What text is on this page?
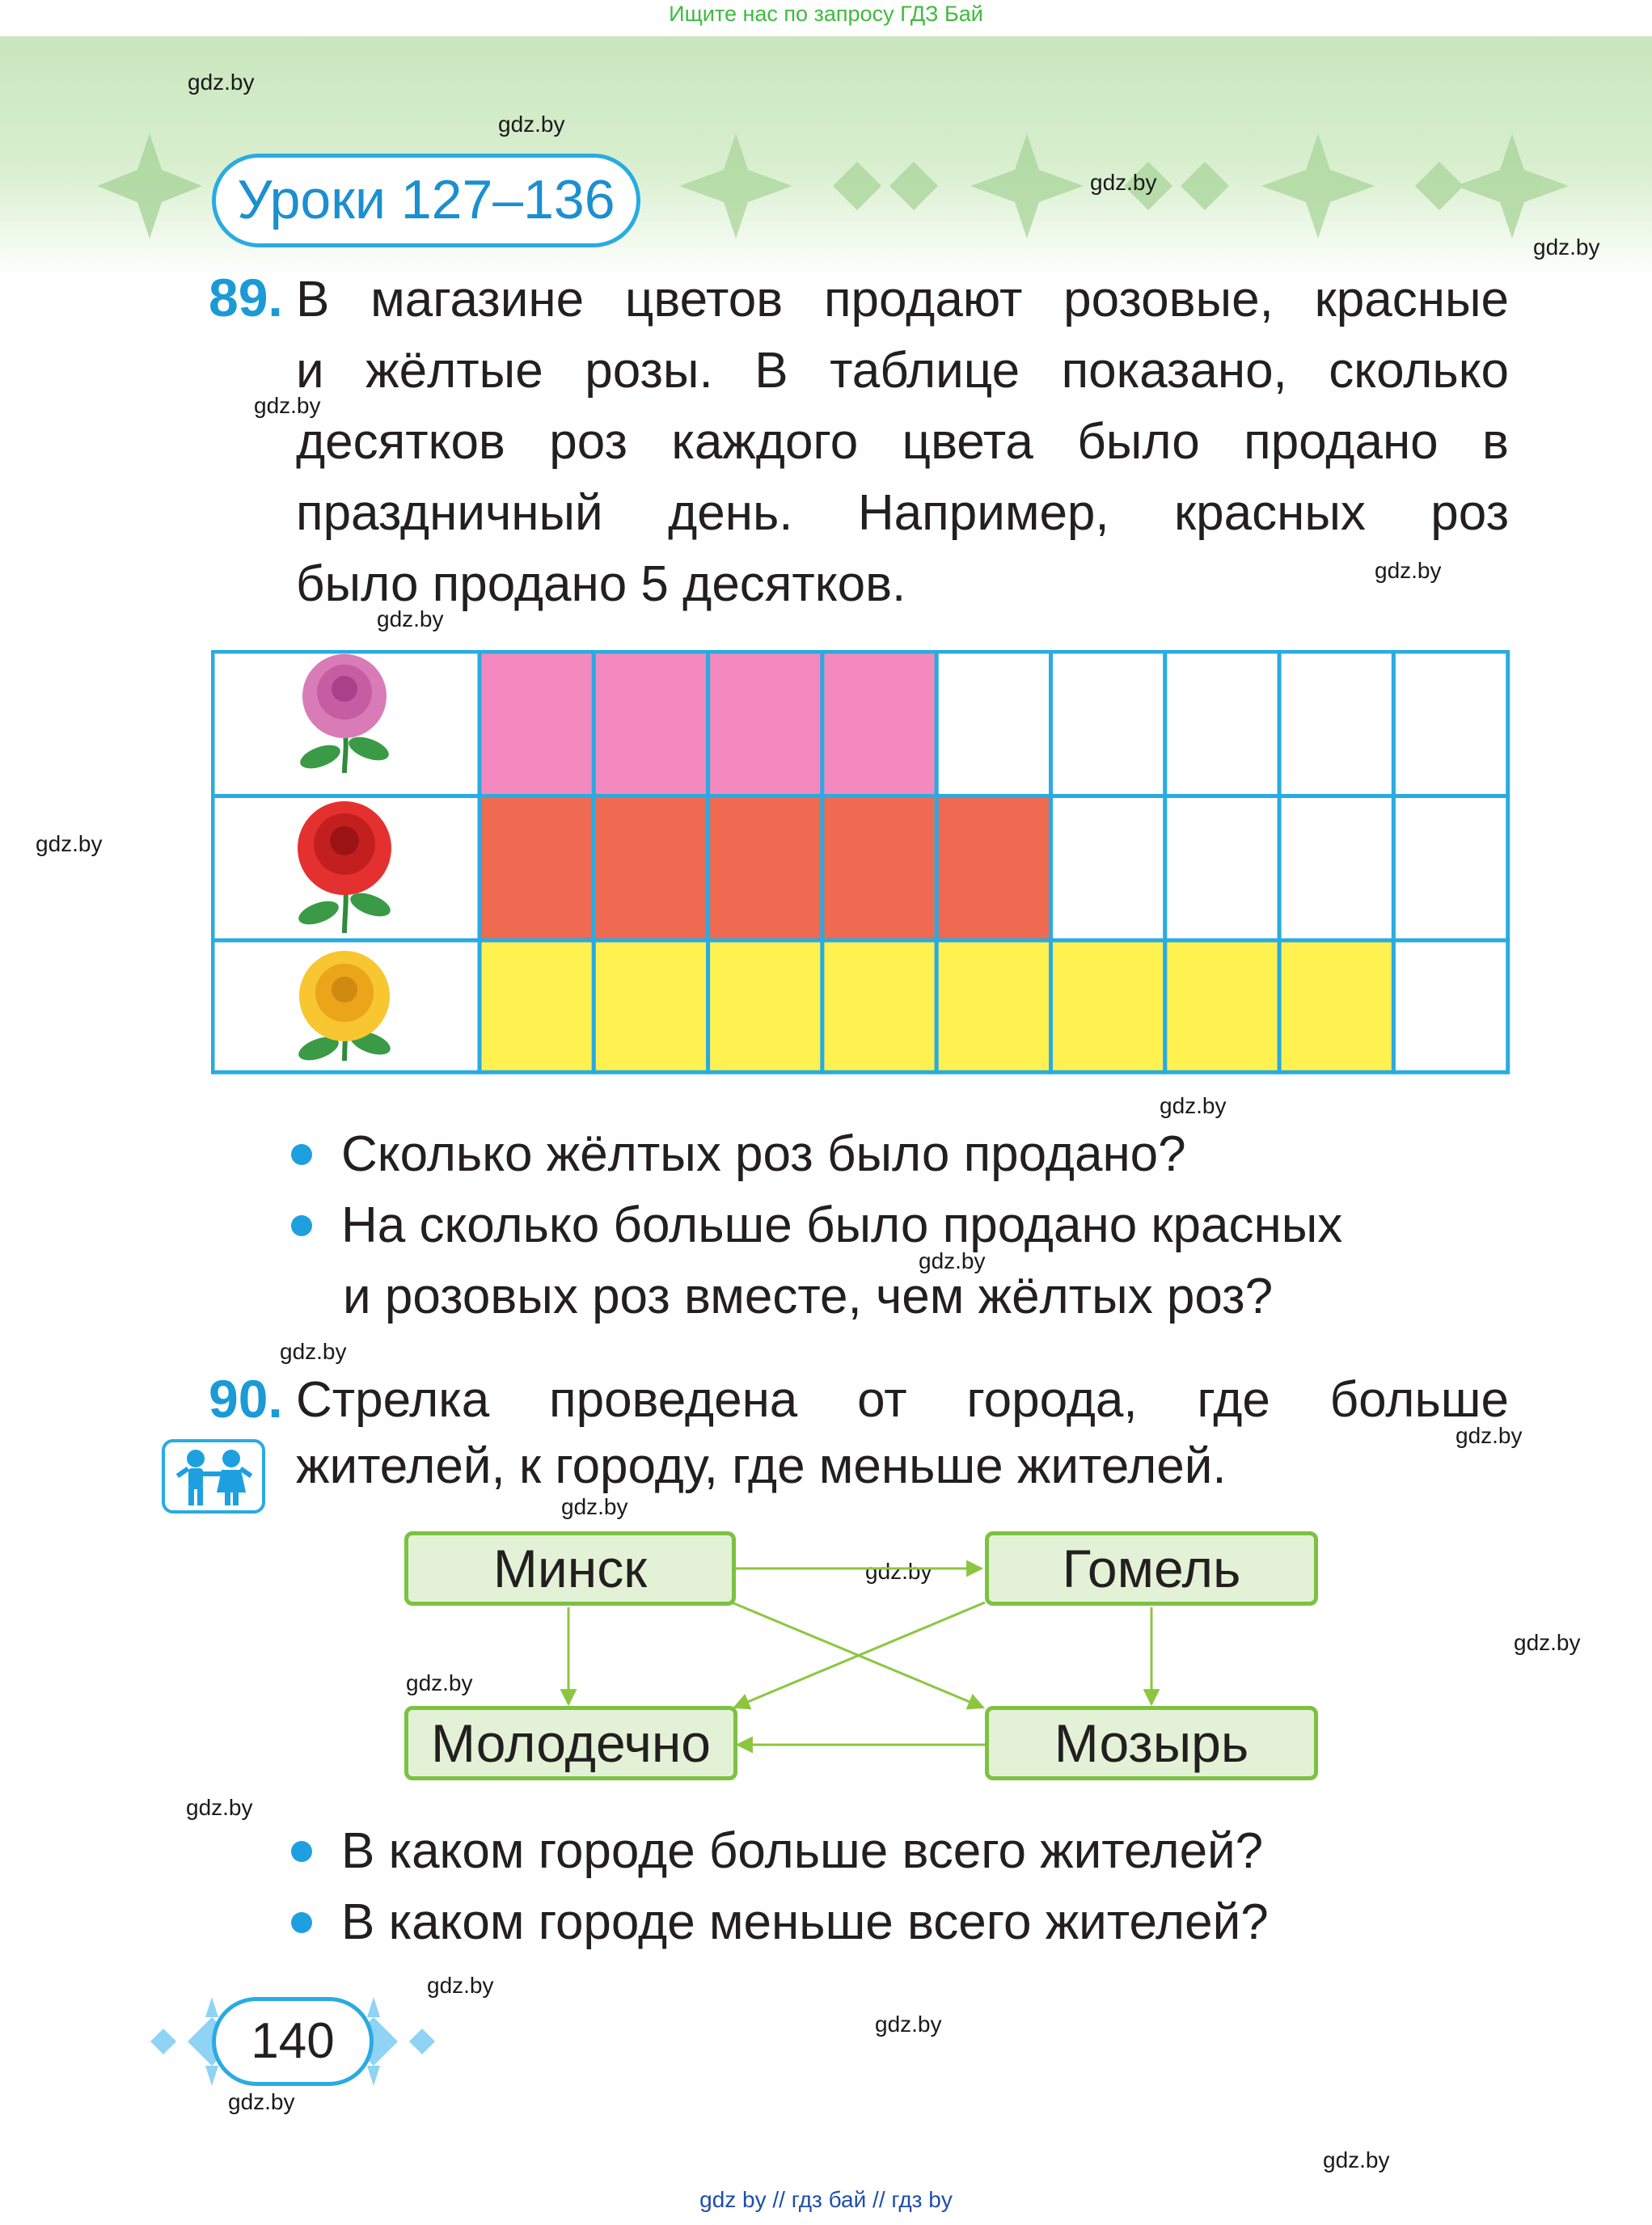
Ищите нас по запросу ГДЗ Бай
Уроки 127–136
gdz.by
gdz.by
gdz.by
gdz.by
gdz.by
gdz.by
gdz.by
gdz.by
gdz.by
gdz.by
gdz.by
gdz.by
gdz.by
gdz.by
gdz.by
gdz.by
gdz.by
gdz.by
gdz.by
gdz.by
gdz.by
89. В магазине цветов продают розовые, красные
и жёлтые розы. В таблице показано, сколько
десятков роз каждого цвета было продано в
праздничный день. Например, красных роз
было продано 5 десятков.
Сколько жёлтых роз было продано?
На сколько больше было продано красных
и розовых роз вместе, чем жёлтых роз?
90. Стрелка проведена от города, где больше
жителей, к городу, где меньше жителей.
Минск	Гомель
Молодечно	Мозырь
В каком городе больше всего жителей?
В каком городе меньше всего жителей?
140
gdz by // гдз бай // гдз by
